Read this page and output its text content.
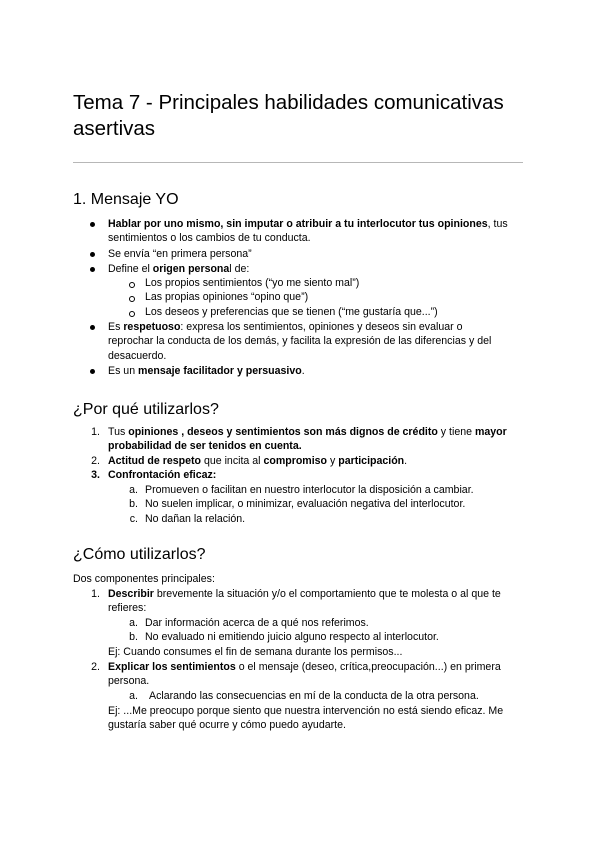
Tema 7 - Principales habilidades comunicativas asertivas
1. Mensaje YO
Hablar por uno mismo, sin imputar o atribuir a tu interlocutor tus opiniones, tus
sentimientos o los cambios de tu conducta.
Se envía “en primera persona”
Define el origen personal de:
Los propios sentimientos (“yo me siento mal”)
Las propias opiniones “opino que”)
Los deseos y preferencias que se tienen (“me gustaría que...”)
Es respetuoso: expresa los sentimientos, opiniones y deseos sin evaluar o
reprochar la conducta de los demás, y facilita la expresión de las diferencias y del
desacuerdo.
Es un mensaje facilitador y persuasivo.
¿Por qué utilizarlos?
1. Tus opiniones , deseos y sentimientos son más dignos de crédito y tiene mayor
probabilidad de ser tenidos en cuenta.
2. Actitud de respeto que incita al compromiso y participación.
3. Confrontación eficaz:
a. Promueven o facilitan en nuestro interlocutor la disposición a cambiar.
b. No suelen implicar, o minimizar, evaluación negativa del interlocutor.
c. No dañan la relación.
¿Cómo utilizarlos?
Dos componentes principales:
1. Describir brevemente la situación y/o el comportamiento que te molesta o al que te
refieres:
a. Dar información acerca de a qué nos referimos.
b. No evaluado ni emitiendo juicio alguno respecto al interlocutor.
Ej: Cuando consumes el fin de semana durante los permisos...
2. Explicar los sentimientos o el mensaje (deseo, crítica,preocupación...) en primera
persona.
a. Aclarando las consecuencias en mí de la conducta de la otra persona.
Ej: ...Me preocupo porque siento que nuestra intervención no está siendo eficaz. Me
gustaría saber qué ocurre y cómo puedo ayudarte.
